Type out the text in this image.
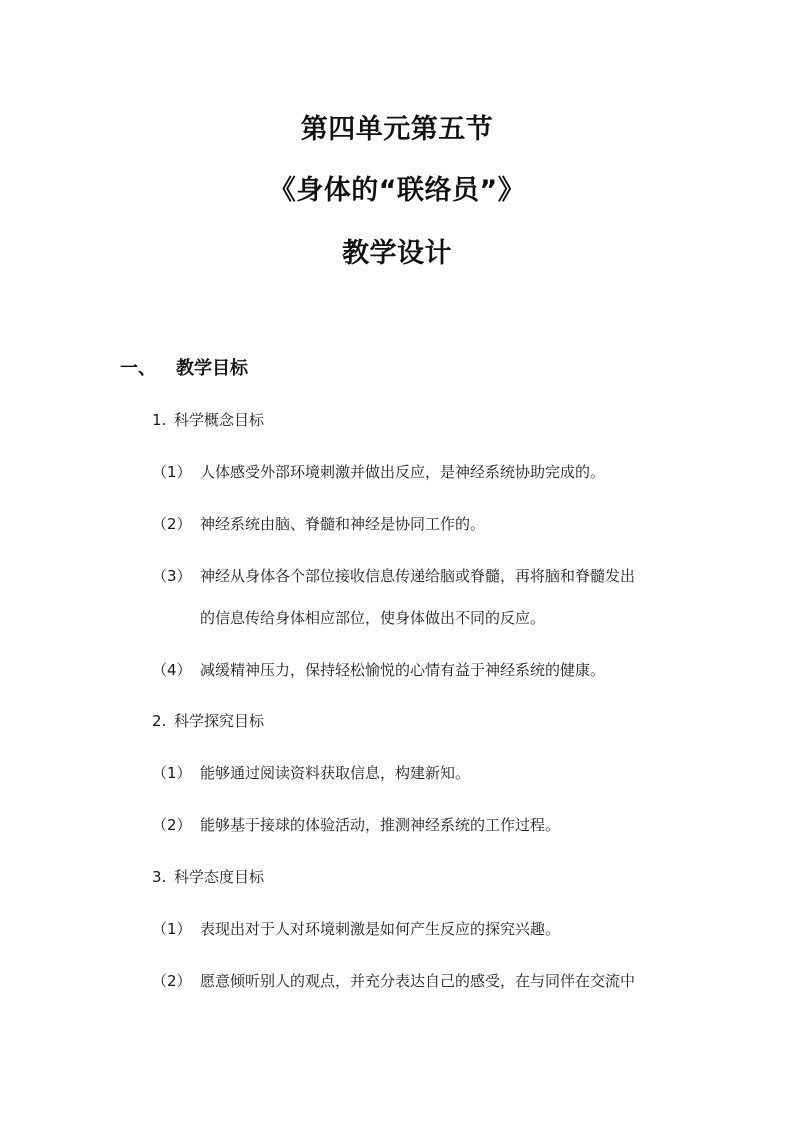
第四单元第五节
《身体的“联络员”》
教学设计
一、 教学目标
1. 科学概念目标
（1） 人体感受外部环境刺激并做出反应，是神经系统协助完成的。
（2） 神经系统由脑、脊髓和神经是协同工作的。
（3） 神经从身体各个部位接收信息传递给脑或脊髓，再将脑和脊髓发出
的信息传给身体相应部位，使身体做出不同的反应。
（4） 减缓精神压力，保持轻松愉悦的心情有益于神经系统的健康。
2. 科学探究目标
（1） 能够通过阅读资料获取信息，构建新知。
（2） 能够基于接球的体验活动，推测神经系统的工作过程。
3. 科学态度目标
（1） 表现出对于人对环境刺激是如何产生反应的探究兴趣。
（2） 愿意倾听别人的观点，并充分表达自己的感受，在与同伴在交流中
